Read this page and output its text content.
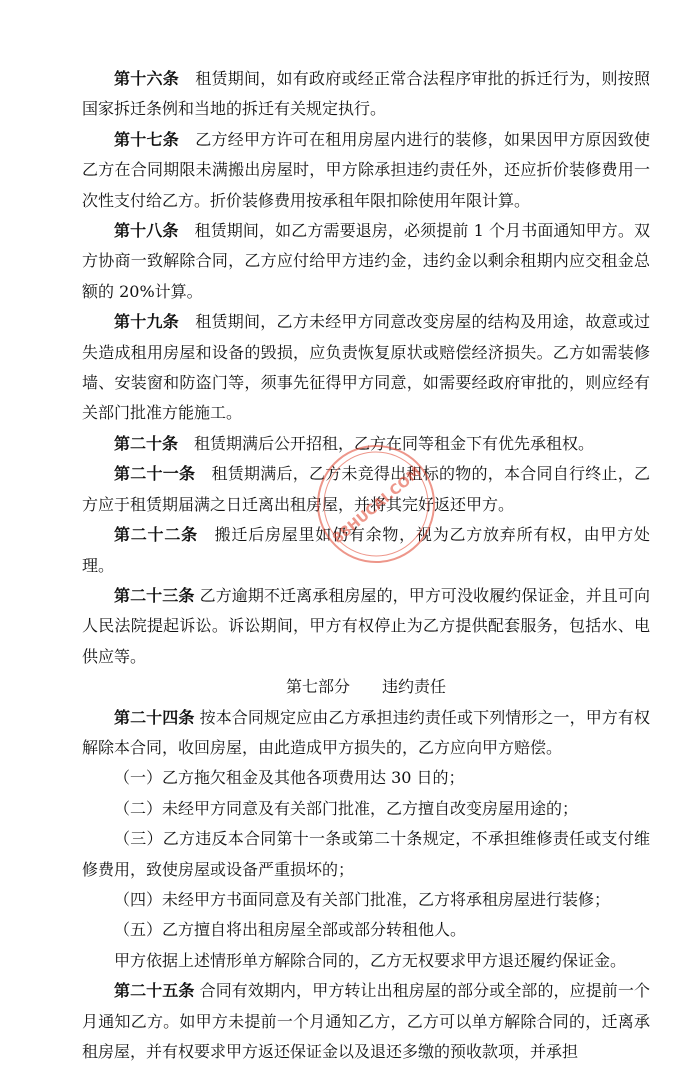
第十六条　 租赁期间，如有政府或经正常合法程序审批的拆迁行为，则按照国家拆迁条例和当地的拆迁有关规定执行。

第十七条　 乙方经甲方许可在租用房屋内进行的装修，如果因甲方原因致使乙方在合同期限未满搬出房屋时，甲方除承担违约责任外，还应折价装修费用一次性支付给乙方。折价装修费用按承租年限扣除使用年限计算。

第十八条　 租赁期间，如乙方需要退房，必须提前 1 个月书面通知甲方。双方协商一致解除合同，乙方应付给甲方违约金，违约金以剩余租期内应交租金总额的 20%计算。

第十九条　 租赁期间，乙方未经甲方同意改变房屋的结构及用途，故意或过失造成租用房屋和设备的毁损，应负责恢复原状或赔偿经济损失。乙方如需装修墙、安装窗和防盗门等，须事先征得甲方同意，如需要经政府审批的，则应经有关部门批准方能施工。

第二十条　 租赁期满后公开招租，乙方在同等租金下有优先承租权。

第二十一条　 租赁期满后，乙方未竞得出租标的物的，本合同自行终止，乙方应于租赁期届满之日迁离出租房屋，并将其完好返还甲方。

第二十二条　 搬迁后房屋里如仍有余物，视为乙方放弃所有权，由甲方处理。

第二十三条 乙方逾期不迁离承租房屋的，甲方可没收履约保证金，并且可向人民法院提起诉讼。诉讼期间，甲方有权停止为乙方提供配套服务，包括水、电供应等。

第七部分 违约责任

第二十四条 按本合同规定应由乙方承担违约责任或下列情形之一，甲方有权解除本合同，收回房屋，由此造成甲方损失的，乙方应向甲方赔偿。

（一）乙方拖欠租金及其他各项费用达 30 日的；

（二）未经甲方同意及有关部门批准，乙方擅自改变房屋用途的；

（三）乙方违反本合同第十一条或第二十条规定，不承担维修责任或支付维修费用，致使房屋或设备严重损坏的；

（四）未经甲方书面同意及有关部门批准，乙方将承租房屋进行装修；

（五）乙方擅自将出租房屋全部或部分转租他人。

甲方依据上述情形单方解除合同的，乙方无权要求甲方退还履约保证金。

第二十五条 合同有效期内，甲方转让出租房屋的部分或全部的，应提前一个月通知乙方。如甲方未提前一个月通知乙方，乙方可以单方解除合同的，迁离承租房屋，并有权要求甲方返还保证金以及退还多缴的预收款项，并承担

88HUCAI.COM
